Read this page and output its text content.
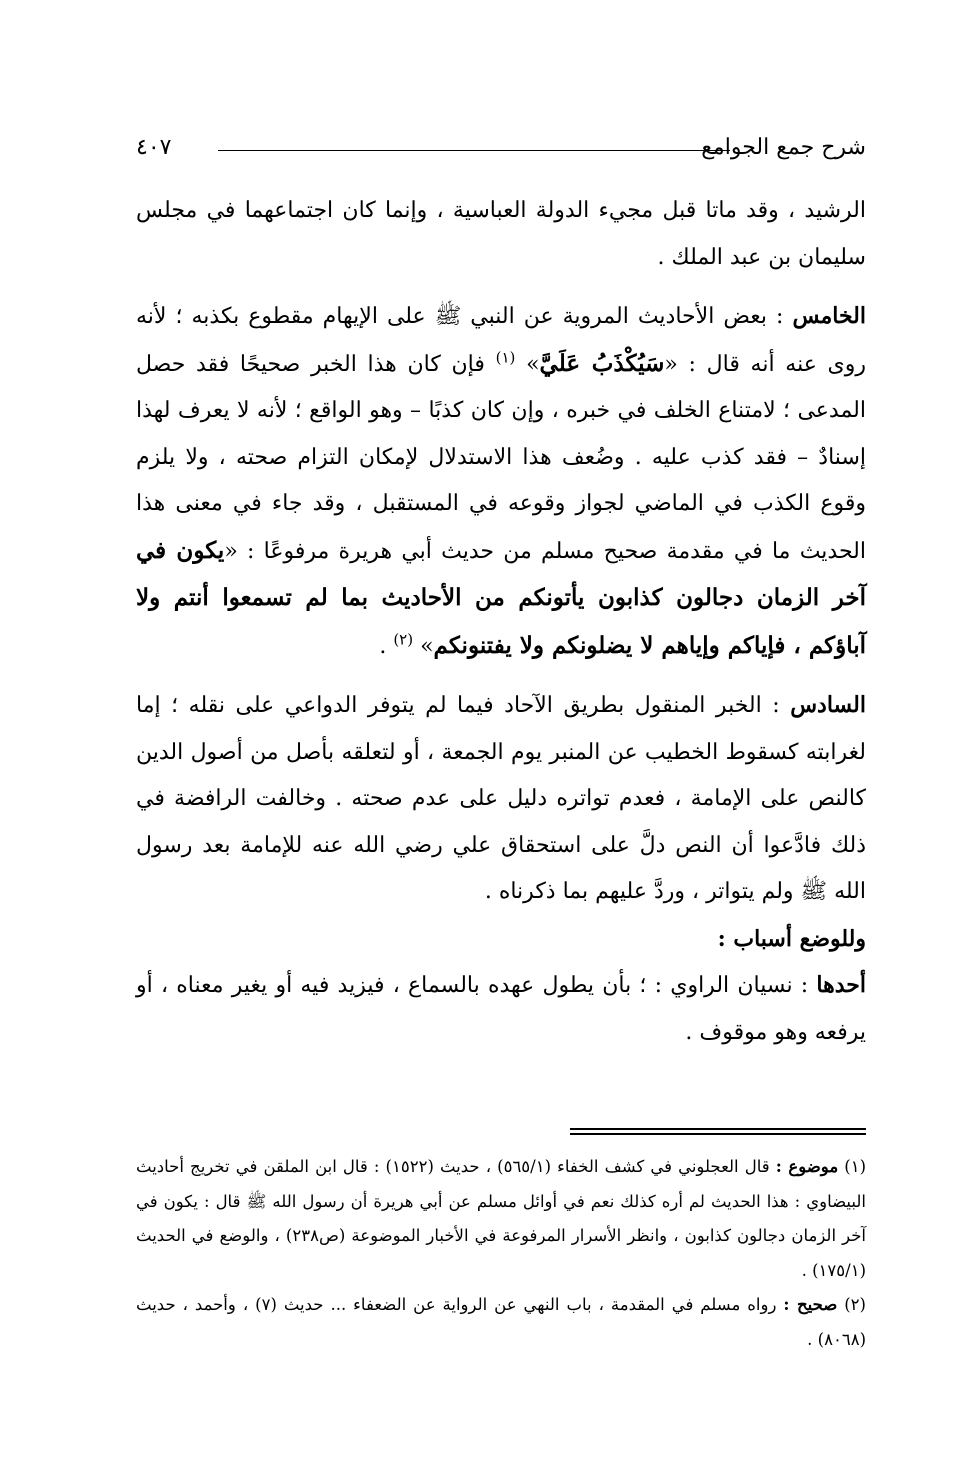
شرح جمع الجوامع
٤٠٧

الرشيد ، وقد ماتا قبل مجيء الدولة العباسية ، وإنما كان اجتماعهما في مجلس سليمان بن عبد الملك .

الخامس : بعض الأحاديث المروية عن النبي ﷺ على الإيهام مقطوع بكذبه ؛ لأنه روى عنه أنه قال : «سَيُكْذَبُ عَلَيَّ» $^{(١)}$ فإن كان هذا الخبر صحيحًا فقد حصل المدعى ؛ لامتناع الخلف في خبره ، وإن كان كذبًا – وهو الواقع ؛ لأنه لا يعرف لهذا إسنادٌ – فقد كذب عليه . وضُعف هذا الاستدلال لإمكان التزام صحته ، ولا يلزم وقوع الكذب في الماضي لجواز وقوعه في المستقبل ، وقد جاء في معنى هذا الحديث ما في مقدمة صحيح مسلم من حديث أبي هريرة مرفوعًا : «يكون في آخر الزمان دجالون كذابون يأتونكم من الأحاديث بما لم تسمعوا أنتم ولا آباؤكم ، فإياكم وإياهم لا يضلونكم ولا يفتنونكم» $^{(٢)}$ .

السادس : الخبر المنقول بطريق الآحاد فيما لم يتوفر الدواعي على نقله ؛ إما لغرابته كسقوط الخطيب عن المنبر يوم الجمعة ، أو لتعلقه بأصل من أصول الدين كالنص على الإمامة ، فعدم تواتره دليل على عدم صحته . وخالفت الرافضة في ذلك فادَّعوا أن النص دلَّ على استحقاق علي رضي الله عنه للإمامة بعد رسول الله ﷺ ولم يتواتر ، وردَّ عليهم بما ذكرناه .

وللوضع أسباب :

أحدها : نسيان الراوي : ؛ بأن يطول عهده بالسماع ، فيزيد فيه أو يغير معناه ، أو يرفعه وهو موقوف .

(١) موضوع : قال العجلوني في كشف الخفاء (٥٦٥/١) ، حديث (١٥٢٢) : قال ابن الملقن في تخريج أحاديث البيضاوي : هذا الحديث لم أره كذلك نعم في أوائل مسلم عن أبي هريرة أن رسول الله ﷺ قال : يكون في آخر الزمان دجالون كذابون ، وانظر الأسرار المرفوعة في الأخبار الموضوعة (ص٢٣٨) ، والوضع في الحديث (١٧٥/١) .

(٢) صحيح : رواه مسلم في المقدمة ، باب النهي عن الرواية عن الضعفاء ... حديث (٧) ، وأحمد ، حديث (٨٠٦٨) .
